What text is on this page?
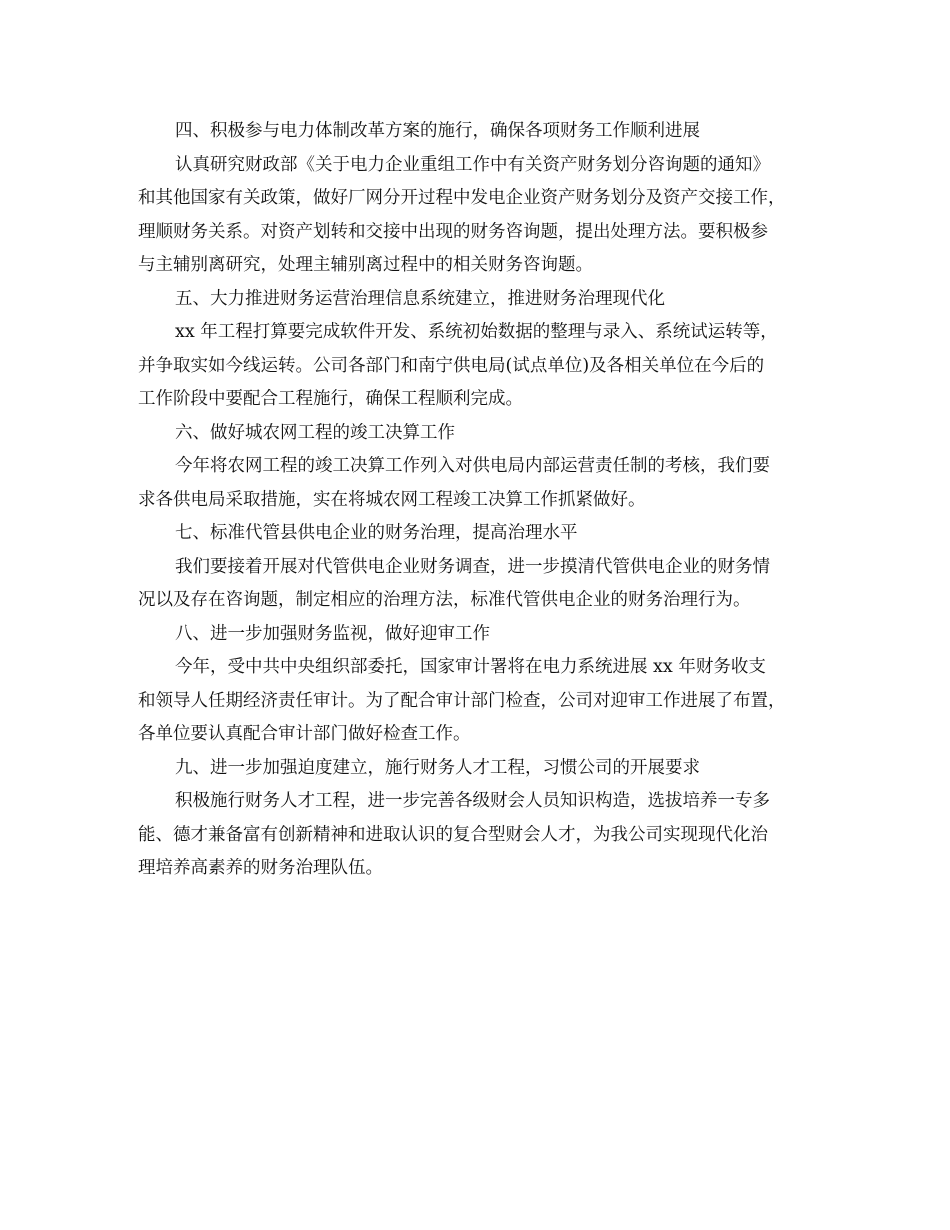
四、积极参与电力体制改革方案的施行，确保各项财务工作顺利进展
认真研究财政部《关于电力企业重组工作中有关资产财务划分咨询题的通知》
和其他国家有关政策，做好厂网分开过程中发电企业资产财务划分及资产交接工作，
理顺财务关系。对资产划转和交接中出现的财务咨询题，提出处理方法。要积极参
与主辅别离研究，处理主辅别离过程中的相关财务咨询题。
五、大力推进财务运营治理信息系统建立，推进财务治理现代化
xx 年工程打算要完成软件开发、系统初始数据的整理与录入、系统试运转等，
并争取实如今线运转。公司各部门和南宁供电局(试点单位)及各相关单位在今后的
工作阶段中要配合工程施行，确保工程顺利完成。
六、做好城农网工程的竣工决算工作
今年将农网工程的竣工决算工作列入对供电局内部运营责任制的考核，我们要
求各供电局采取措施，实在将城农网工程竣工决算工作抓紧做好。
七、标准代管县供电企业的财务治理，提高治理水平
我们要接着开展对代管供电企业财务调查，进一步摸清代管供电企业的财务情
况以及存在咨询题，制定相应的治理方法，标准代管供电企业的财务治理行为。
八、进一步加强财务监视，做好迎审工作
今年，受中共中央组织部委托，国家审计署将在电力系统进展 xx 年财务收支
和领导人任期经济责任审计。为了配合审计部门检查，公司对迎审工作进展了布置，
各单位要认真配合审计部门做好检查工作。
九、进一步加强迫度建立，施行财务人才工程，习惯公司的开展要求
积极施行财务人才工程，进一步完善各级财会人员知识构造，选拔培养一专多
能、德才兼备富有创新精神和进取认识的复合型财会人才，为我公司实现现代化治
理培养高素养的财务治理队伍。
